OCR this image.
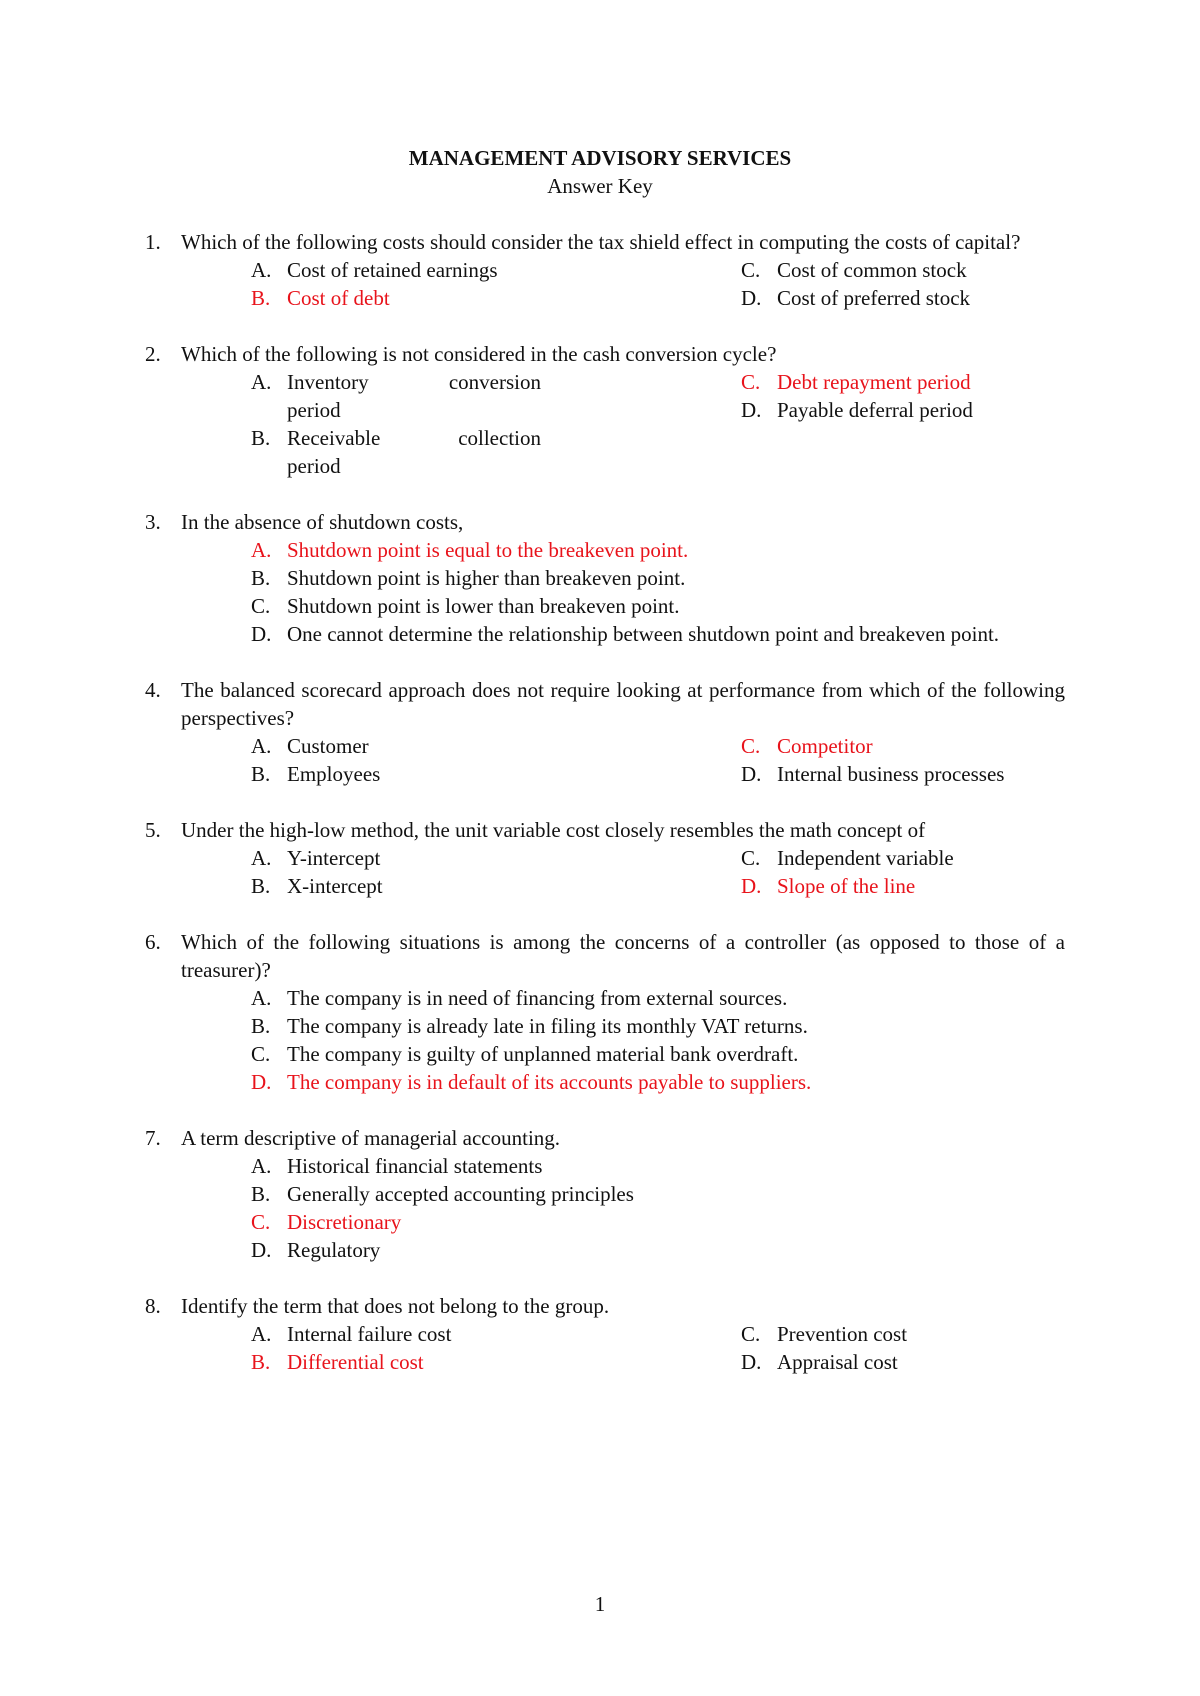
MANAGEMENT ADVISORY SERVICES

Answer Key

1. Which of the following costs should consider the tax shield effect in computing the costs of capital?
A. Cost of retained earnings
B. Cost of debt
C. Cost of common stock
D. Cost of preferred stock
2. Which of the following is not considered in the cash conversion cycle?
A. Inventory	conversion
period
B. Receivable	collection
period
C. Debt repayment period
D. Payable deferral period
3. In the absence of shutdown costs,
A. Shutdown point is equal to the breakeven point.
B. Shutdown point is higher than breakeven point.
C. Shutdown point is lower than breakeven point.
D. One cannot determine the relationship between shutdown point and breakeven point.
4. The balanced scorecard approach does not require looking at performance from which of the following perspectives?
A. Customer
B. Employees
C. Competitor
D. Internal business processes
5. Under the high-low method, the unit variable cost closely resembles the math concept of
A. Y-intercept
B. X-intercept
C. Independent variable
D. Slope of the line
6. Which of the following situations is among the concerns of a controller (as opposed to those of a treasurer)?
A. The company is in need of financing from external sources.
B. The company is already late in filing its monthly VAT returns.
C. The company is guilty of unplanned material bank overdraft.
D. The company is in default of its accounts payable to suppliers.
7. A term descriptive of managerial accounting.
A. Historical financial statements
B. Generally accepted accounting principles
C. Discretionary
D. Regulatory
8. Identify the term that does not belong to the group.
A. Internal failure cost
B. Differential cost
C. Prevention cost
D. Appraisal cost
1
